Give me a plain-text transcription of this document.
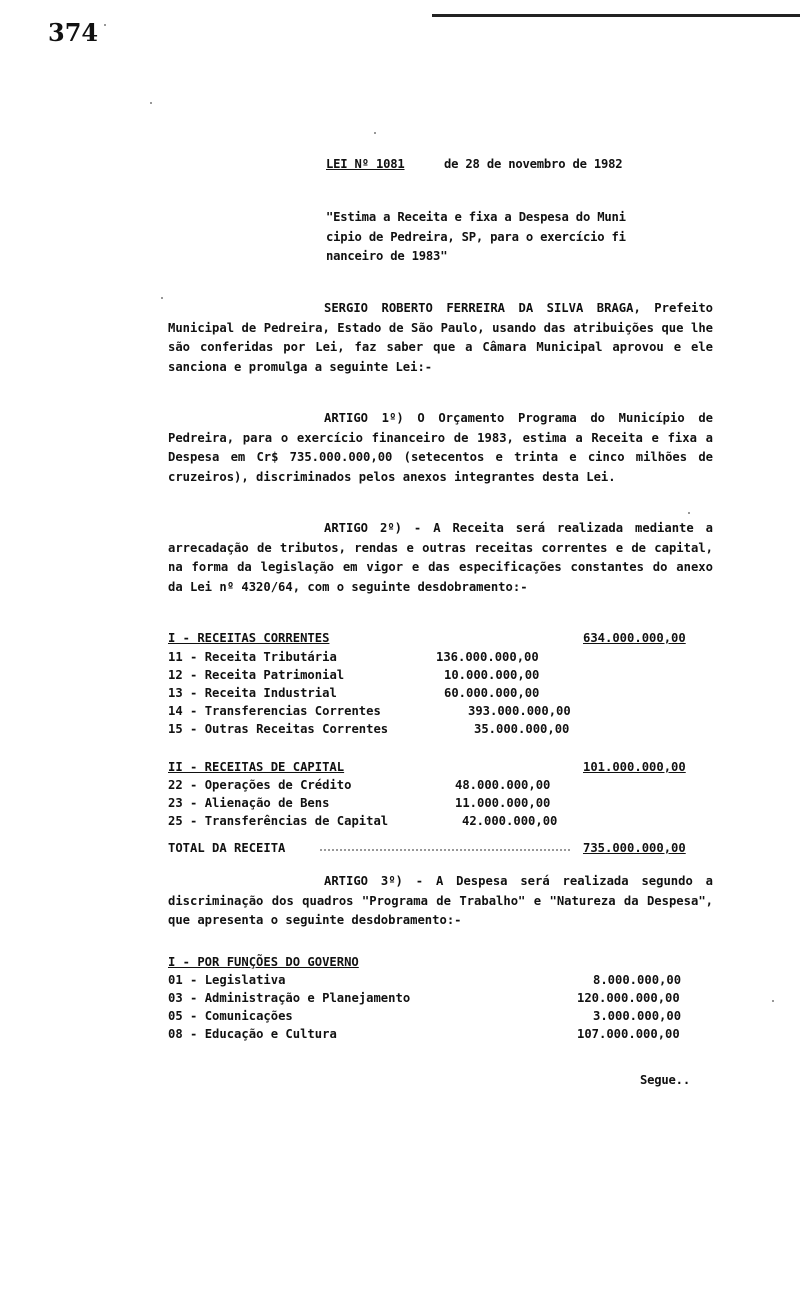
374
LEI Nº 1081	de 28 de novembro de 1982
"Estima a Receita e fixa a Despesa do Muni
cipio de Pedreira, SP, para o exercício fi
nanceiro de 1983"
SERGIO ROBERTO FERREIRA DA SILVA BRAGA, Prefeito Municipal de Pedreira, Estado de São Paulo, usando das atribuições que lhe são conferidas por Lei, faz saber que a Câmara Municipal aprovou e ele sanciona e promulga a seguinte Lei:-
ARTIGO 1º) O Orçamento Programa do Município de Pedreira, para o exercício financeiro de 1983, estima a Receita e fixa a Despesa em Cr$ 735.000.000,00 (setecentos e trinta e cinco milhões de cruzeiros), discriminados pelos anexos integrantes desta Lei.
ARTIGO 2º) - A Receita será realizada mediante a arrecadação de tributos, rendas e outras receitas correntes e de capital, na forma da legislação em vigor e das especificações constantes do anexo da Lei nº 4320/64, com o seguinte desdobramento:-
I - RECEITAS CORRENTES	634.000.000,00
11 - Receita Tributária	136.000.000,00
12 - Receita Patrimonial	10.000.000,00
13 - Receita Industrial	60.000.000,00
14 - Transferencias Correntes	393.000.000,00
15 - Outras Receitas Correntes	35.000.000,00
II - RECEITAS DE CAPITAL	101.000.000,00
22 - Operações de Crédito	48.000.000,00
23 - Alienação de Bens	11.000.000,00
25 - Transferências de Capital	42.000.000,00
TOTAL DA RECEITA	735.000.000,00
ARTIGO 3º) - A Despesa será realizada segundo a discriminação dos quadros "Programa de Trabalho" e "Natureza da Despesa", que apresenta o seguinte desdobramento:-
I - POR FUNÇÕES DO GOVERNO
01 - Legislativa	8.000.000,00
03 - Administração e Planejamento	120.000.000,00
05 - Comunicações	3.000.000,00
08 - Educação e Cultura	107.000.000,00
Segue..
